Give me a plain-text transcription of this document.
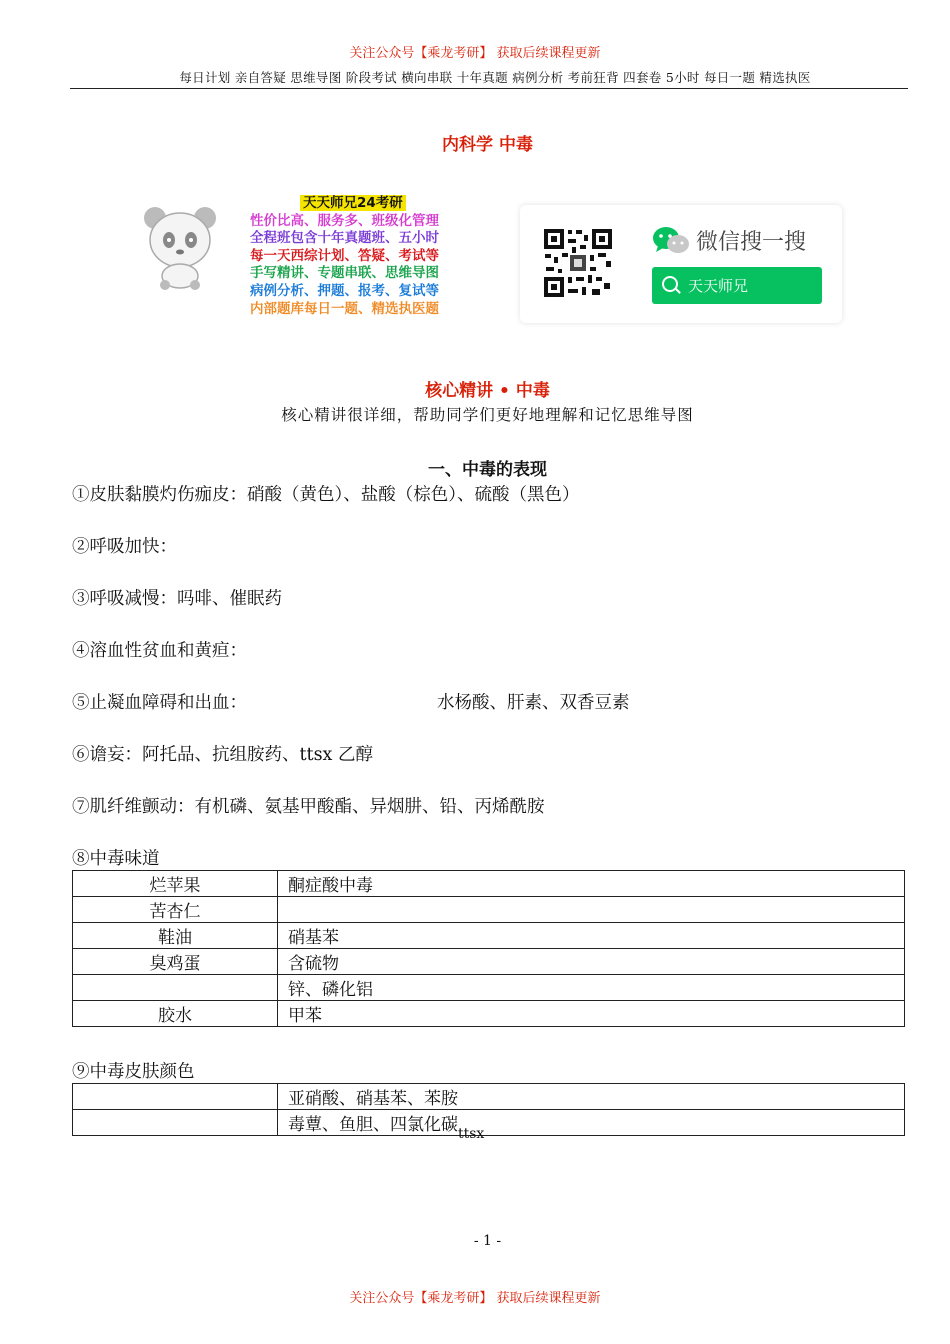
关注公众号【乘龙考研】 获取后续课程更新
每日计划 亲自答疑 思维导图 阶段考试 横向串联 十年真题 病例分析 考前狂背 四套卷 5小时 每日一题 精选执医
内科学 中毒
天天师兄24考研
性价比高、服务多、班级化管理
全程班包含十年真题班、五小时
每一天西综计划、答疑、考试等
手写精讲、专题串联、思维导图
病例分析、押题、报考、复试等
内部题库每日一题、精选执医题
微信搜一搜
天天师兄
核心精讲 • 中毒
核心精讲很详细，帮助同学们更好地理解和记忆思维导图
一、中毒的表现
①皮肤黏膜灼伤痂皮：硝酸（黄色）、盐酸（棕色）、硫酸（黑色）
②呼吸加快：
③呼吸减慢：吗啡、催眠药
④溶血性贫血和黄疸：
⑤止凝血障碍和出血：	水杨酸、肝素、双香豆素
⑥谵妄：阿托品、抗组胺药、ttsx 乙醇
⑦肌纤维颤动：有机磷、氨基甲酸酯、异烟肼、铅、丙烯酰胺
⑧中毒味道
烂苹果	酮症酸中毒
苦杏仁	
鞋油	硝基苯
臭鸡蛋	含硫物
	锌、磷化铝
胶水	甲苯
⑨中毒皮肤颜色
	亚硝酸、硝基苯、苯胺
	毒蕈、鱼胆、四氯化碳$_{ttsx}$
- 1 -
关注公众号【乘龙考研】 获取后续课程更新
